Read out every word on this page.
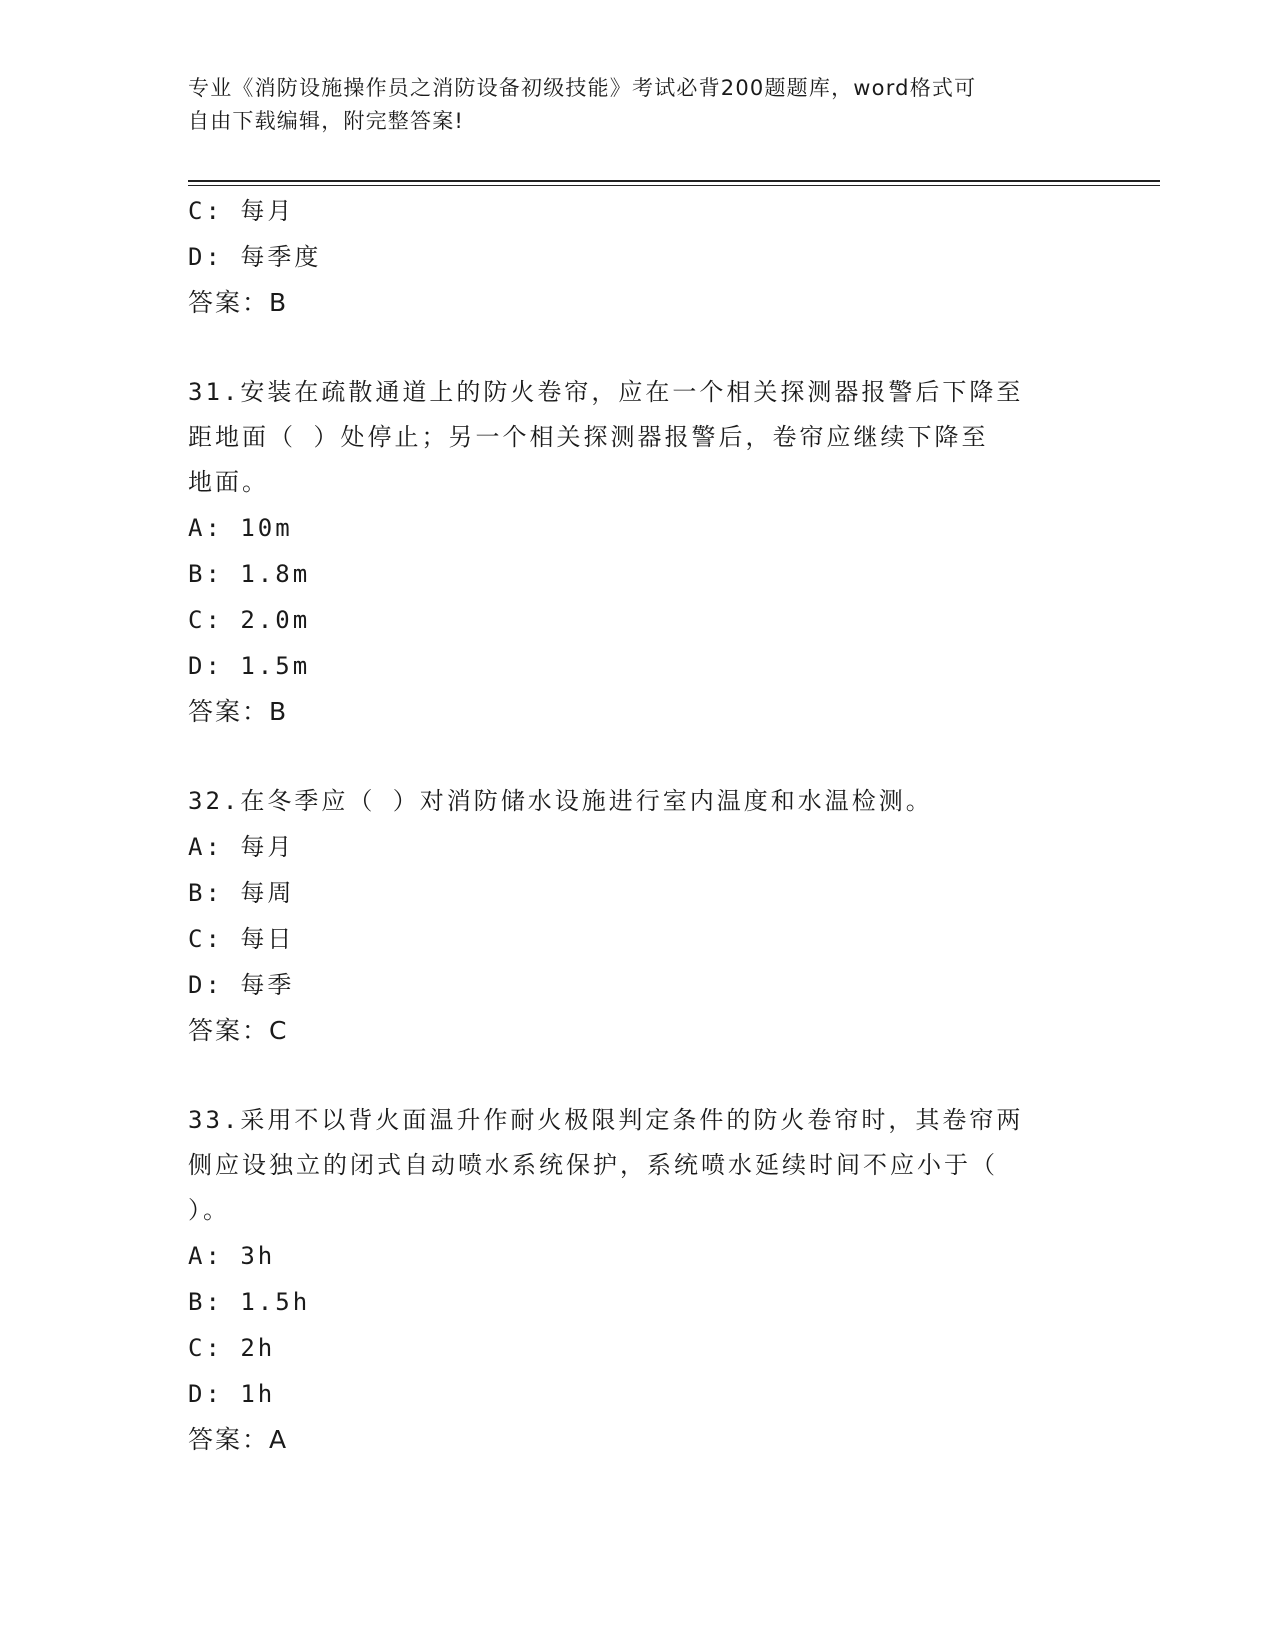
专业《消防设施操作员之消防设备初级技能》考试必背200题题库，word格式可
自由下载编辑，附完整答案!
C: 每月
D: 每季度
答案：B
31.安装在疏散通道上的防火卷帘，应在一个相关探测器报警后下降至
距地面（ ）处停止；另一个相关探测器报警后，卷帘应继续下降至
地面。
A: 10m
B: 1.8m
C: 2.0m
D: 1.5m
答案：B
32.在冬季应（ ）对消防储水设施进行室内温度和水温检测。
A: 每月
B: 每周
C: 每日
D: 每季
答案：C
33.采用不以背火面温升作耐火极限判定条件的防火卷帘时，其卷帘两
侧应设独立的闭式自动喷水系统保护，系统喷水延续时间不应小于（
）。
A: 3h
B: 1.5h
C: 2h
D: 1h
答案：A
